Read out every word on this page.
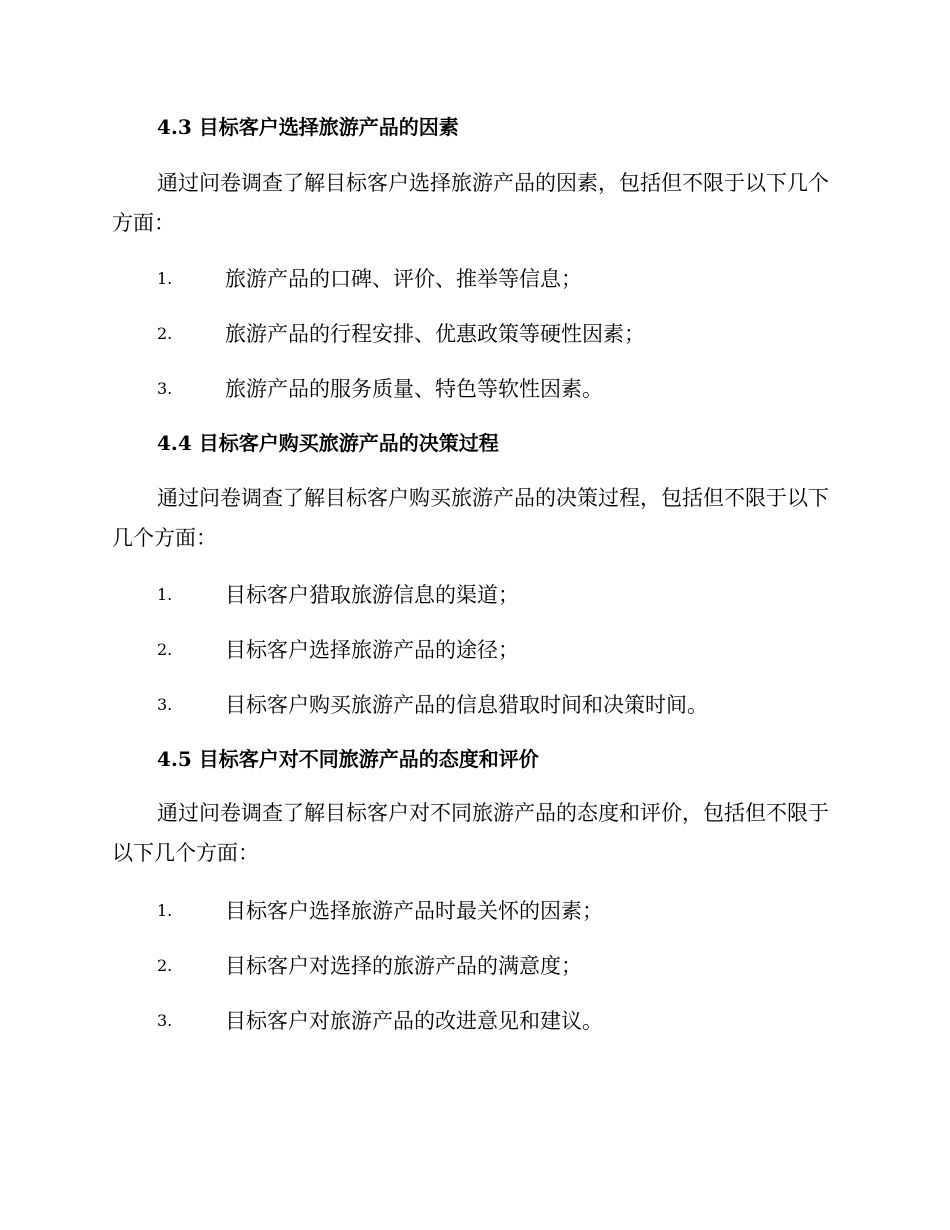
4.3 目标客户选择旅游产品的因素
通过问卷调查了解目标客户选择旅游产品的因素，包括但不限于以下几个方面：
1.	旅游产品的口碑、评价、推举等信息；
2.	旅游产品的行程安排、优惠政策等硬性因素；
3.	旅游产品的服务质量、特色等软性因素。
4.4 目标客户购买旅游产品的决策过程
通过问卷调查了解目标客户购买旅游产品的决策过程，包括但不限于以下几个方面：
1.	目标客户猎取旅游信息的渠道；
2.	目标客户选择旅游产品的途径；
3.	目标客户购买旅游产品的信息猎取时间和决策时间。
4.5 目标客户对不同旅游产品的态度和评价
通过问卷调查了解目标客户对不同旅游产品的态度和评价，包括但不限于以下几个方面：
1.	目标客户选择旅游产品时最关怀的因素；
2.	目标客户对选择的旅游产品的满意度；
3.	目标客户对旅游产品的改进意见和建议。
